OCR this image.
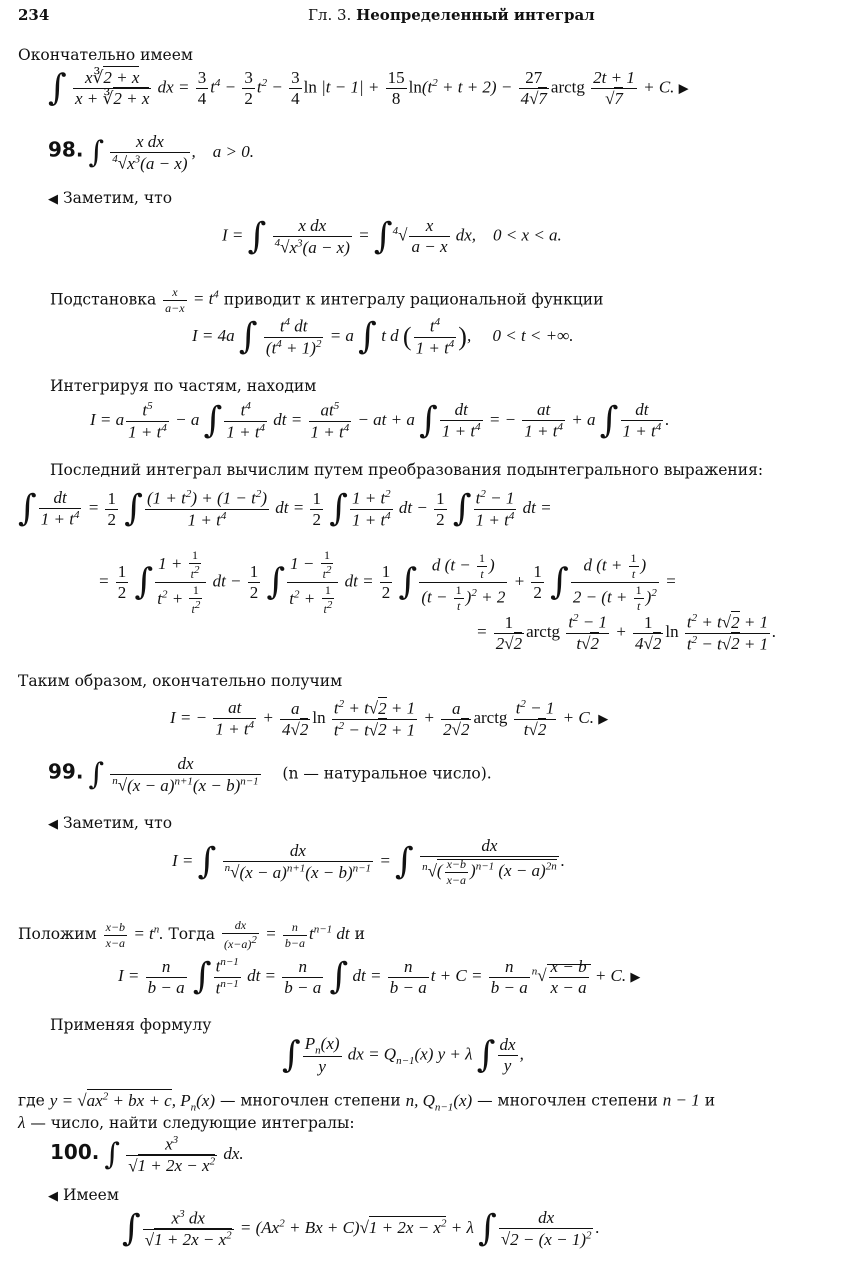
234	Гл. 3. Неопределенный интеграл
Окончательно имеем
∫ $\frac{x∛2 + x}{x + ∛2 + x}$ dx = $\frac{3}{4} t^4 - \frac{3}{2} t^2 - \frac{3}{4}$ $\ln |t - 1| + \frac{15}{8} \ln(t^2 + t + 2) - \frac{27}{4√7}$ arctg $\frac{2t + 1}{√7} + C$. ▶
98. ∫ $\frac{\text{x dx}}{^4√x^3(a - x)}$ ,    a > 0.
◀ Заметим, что
I = ∫ $\frac{\text{x dx}}{^4√x^3(a - x)} = \int^4√ \frac{x}{a - x}$ dx,    0 < x < a.
Подстановка $\frac{x}{a-x} = t^4$ приводит к интегралу рациональной функции
I = 4a ∫ $\frac{t^4 dt}{(t^4 + 1)^2} = a$ ∫ t d ( $\frac{t^4}{1 + t^4}$ ),     0 < t < +∞.
Интегрируя по частям, находим
I = a $\frac{t^5}{1 + t^4} - a$ ∫ $\frac{t^4}{1 + t^4}$ dt = $\frac{at^5}{1 + t^4}$ − at + a ∫ $\frac{dt}{1 + t^4}$ = − $\frac{at}{1 + t^4} + a$ ∫ $\frac{dt}{1 + t^4}$ .
Последний интеграл вычислим путем преобразования подынтегрального выражения:
∫ $\frac{dt}{1 + t^4} = \frac{1}{2}$ ∫ $\frac{(1 + t^2) + (1 - t^2)}{1 + t^4}$ dt = $\frac{1}{2}$ ∫ $\frac{1 + t^2}{1 + t^4}$ dt − $\frac{1}{2}$ ∫ $\frac{t^2 - 1}{1 + t^4}$ dt =
= $\frac{1}{2}$ ∫ $\frac{1 + \frac{1}{t^2}}{t^2 + \frac{1}{t^2}}$ dt − $\frac{1}{2}$ ∫ $\frac{1 - \frac{1}{t^2}}{t^2 + \frac{1}{t^2}}$ dt = $\frac{1}{2}$ ∫ $\frac{d (t - \frac{1}{t} )}{(t - \frac{1}{t} )^2 + 2} + \frac{1}{2}$ ∫ $\frac{d (t + \frac{1}{t} )}{2 - (t + \frac{1}{t} )^2}$ =
= $\frac{1}{2√2}$ arctg $\frac{t^2 - 1}{t√2} + \frac{1}{4√2}$ $\ln \frac{t^2 + t√2 + 1}{t^2 - t√2 + 1}$ .
Таким образом, окончательно получим
I = − $\frac{at}{1 + t^4} + \frac{a}{4√2}$ $\ln \frac{t^2 + t√2 + 1}{t^2 - t√2 + 1} + \frac{a}{2√2}$ arctg $\frac{t^2 - 1}{t√2} + C$. ▶
99. ∫ $\frac{dx}{^n√(x - a)^{n+1}(x - b)^{n-1}} (n$ — натуральное число).
◀ Заметим, что
I = ∫ $\frac{dx}{^n√(x - a)^{n+1}(x - b)^{n-1}}$ = ∫ $\frac{dx}{^n√( \frac{x-b}{x-a} )^{n-1} (x - a)^{2n}}$ .
Положим $\frac{x-b}{x-a} = t^n$. Тогда $\frac{dx}{(x-a)^2} = \frac{n}{b-a} t^{n-1}$ dt и
$I = \frac{n}{b - a}$ ∫ $\frac{t^{n-1}}{t^{n-1}}$ dt = $\frac{n}{b - a}$ ∫ dt = $\frac{n}{b - a}$ $t + C = \frac{n}{b - a} ^n√ \frac{x - b}{x - a} + C$. ▶
Применяя формулу
∫ $\frac{P_n(x)}{y}$ dx = $Q_{n-1}(x) y + \lambda$ ∫ $\frac{dx}{y}$ ,
где $y = √ax^2$ + bx + c, $P_n(x)$ — многочлен степени n, $Q_{n-1}(x)$ — многочлен степени n − 1 и
λ — число, найти следующие интегралы:
100. ∫ $\frac{x^3}{√1 + 2x - x^2}$ dx.
◀ Имеем
∫ $\frac{x^3 dx}{√1 + 2x - x^2} = (Ax^2 + Bx + C)√1 + 2x - x^2 + \lambda$ ∫ $\frac{dx}{√2 - (x - 1)^2}$ .
